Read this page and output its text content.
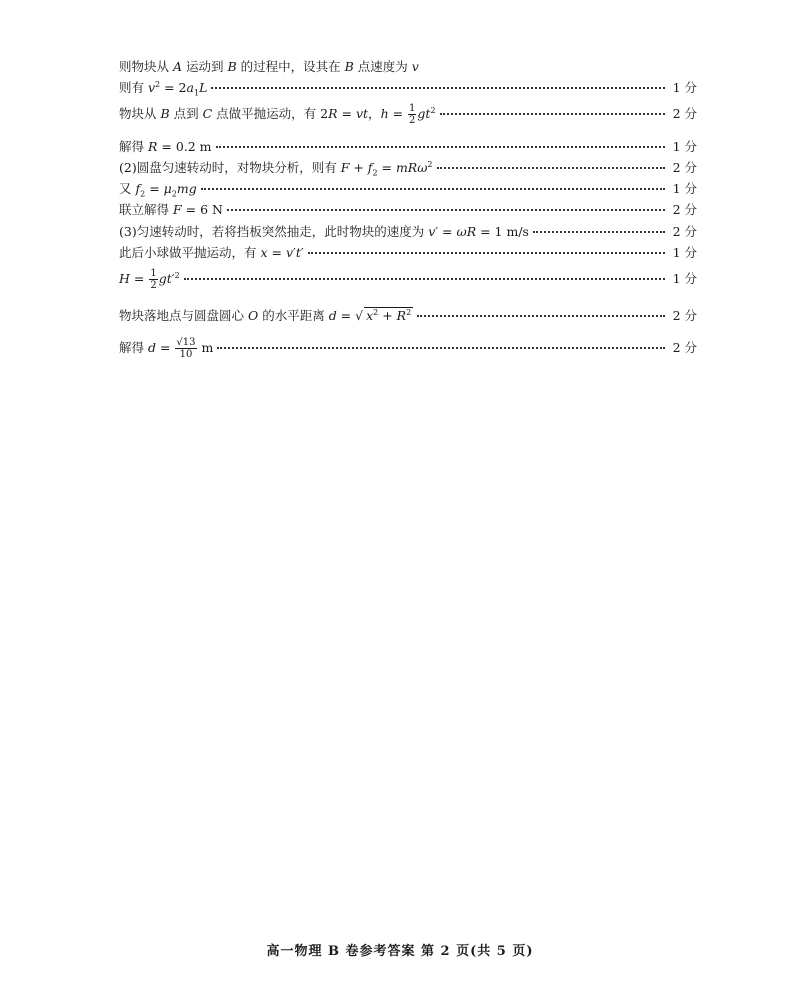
则物块从 A 运动到 B 的过程中，设其在 B 点速度为 v
则有 $v^2 = 2a_1L$	1 分
物块从 B 点到 C 点做平抛运动，有 2R = vt，$h = \frac{1}{2} gt^2$	2 分
解得 R = 0.2 m	1 分
(2)圆盘匀速转动时，对物块分析，则有 $F + f_2 = mR\omega^2$	2 分
又 $f_2 = \mu_2mg$	1 分
联立解得 F = 6 N	2 分
(3)匀速转动时，若将挡板突然抽走，此时物块的速度为 v′ = ωR = 1 m/s	2 分
此后小球做平抛运动，有 x = v′t′	1 分
$H = \frac{1}{2} gt'^2$	1 分
物块落地点与圆盘圆心 O 的水平距离 d = √ $x^2 + R^2$	2 分
解得 $d = \frac{√13}{10}$ m	2 分
高一物理 B 卷参考答案 第 2 页(共 5 页)
